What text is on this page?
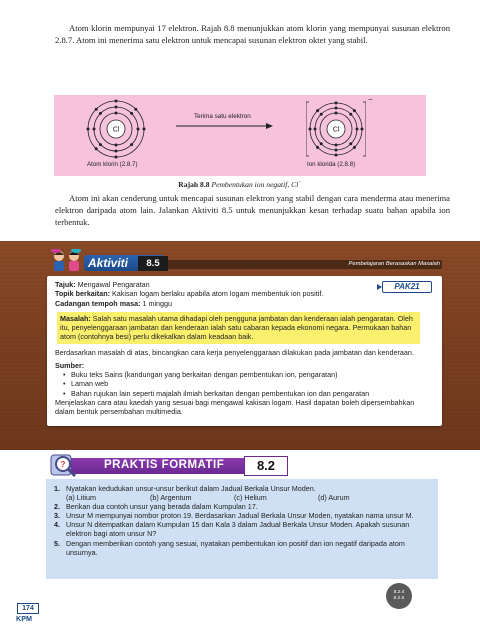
Atom klorin mempunyai 17 elektron. Rajah 8.8 menunjukkan atom klorin yang mempunyai susunan elektron 2.8.7. Atom ini menerima satu elektron untuk mencapai susunan elektron oktet yang stabil.

Cl
Atom klorin (2.8.7)
Terima satu elektron
Cl
−
Ion klorida (2.8.8)
Rajah 8.8 Pembentukan ion negatif, Cl−

Atom ini akan cenderung untuk mencapai susunan elektron yang stabil dengan cara menderma atau menerima elektron daripada atom lain. Jalankan Aktiviti 8.5 untuk menunjukkan kesan terhadap suatu bahan apabila ion terbentuk.

Aktiviti	8.5	Pembelajaran Berasaskan Masalah
PAK21
Tajuk: Mengawal Pengaratan
Topik berkaitan: Kakisan logam berlaku apabila atom logam membentuk ion positif.
Cadangan tempoh masa: 1 minggu
Masalah: Salah satu masalah utama dihadapi oleh pengguna jambatan dan kenderaan ialah pengaratan. Oleh itu, penyelenggaraan jambatan dan kenderaan ialah satu cabaran kepada ekonomi negara. Permukaan bahan atom (contohnya besi) perlu dikekalkan dalam keadaan baik.
Berdasarkan masalah di atas, bincangkan cara kerja penyelenggaraan dilakukan pada jambatan dan kenderaan.
Sumber:
• Buku teks Sains (kandungan yang berkaitan dengan pembentukan ion, pengaratan)
• Laman web
• Bahan rujukan lain seperti majalah ilmiah berkaitan dengan pembentukan ion dan pengaratan
Menjelaskan cara atau kaedah yang sesuai bagi mengawal kakisan logam. Hasil dapatan boleh dipersembahkan dalam bentuk persembahan multimedia.
?	PRAKTIS FORMATIF	8.2
1. Nyatakan kedudukan unsur-unsur berikut dalam Jadual Berkala Unsur Moden.
(a) Litium	(b) Argentum	(c) Helium	(d) Aurum
2. Berikan dua contoh unsur yang berada dalam Kumpulan 17.
3. Unsur M mempunyai nombor proton 19. Berdasarkan Jadual Berkala Unsur Moden, nyatakan nama unsur M.
4. Unsur N ditempatkan dalam Kumpulan 15 dan Kala 3 dalam Jadual Berkala Unsur Moden. Apakah susunan elektron bagi atom unsur N?
5. Dengan memberikan contoh yang sesuai, nyatakan pembentukan ion positif dan ion negatif daripada atom unsurnya.
174
KPM
8.2.4
8.2.5
